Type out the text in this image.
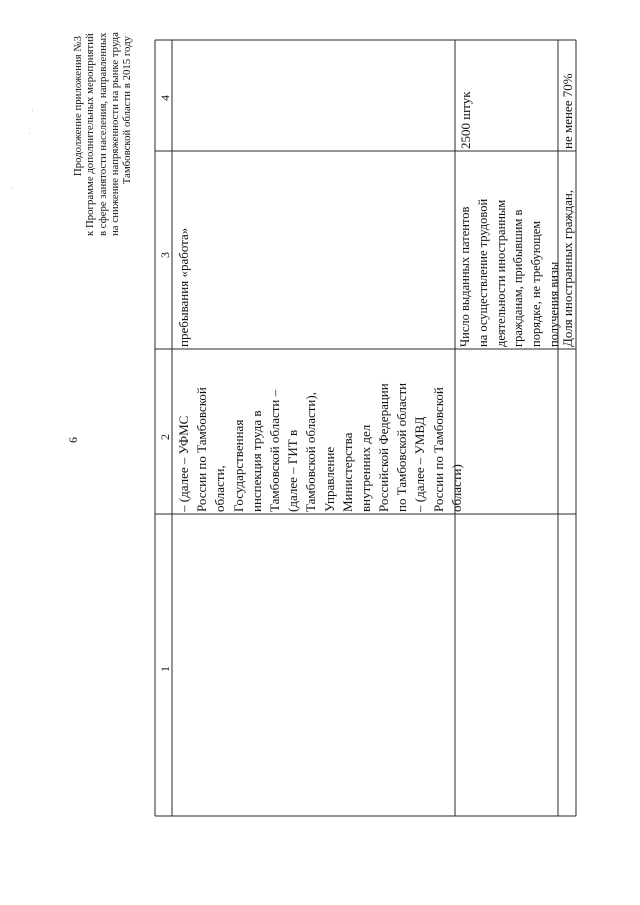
6
Продолжение приложения №3 к Программе дополнительных мероприятий в сфере занятости населения, направленных на снижение напряженности на рынке труда Тамбовской области в 2015 году
1
2
3
4
– (далее – УФМС России по Тамбовской области, Государственная инспекция труда в Тамбовской области – (далее – ГИТ в Тамбовской области), Управление Министерства внутренних дел Российской Федерации по Тамбовской области – (далее – УМВД России по Тамбовской области)
пребывания «работа»	Число выданных патентов на осуществление трудовой деятельности иностранным гражданам, прибывшим в порядке, не требующем получения визы
2500 штук
Доля иностранных граждан,
не менее 70%
